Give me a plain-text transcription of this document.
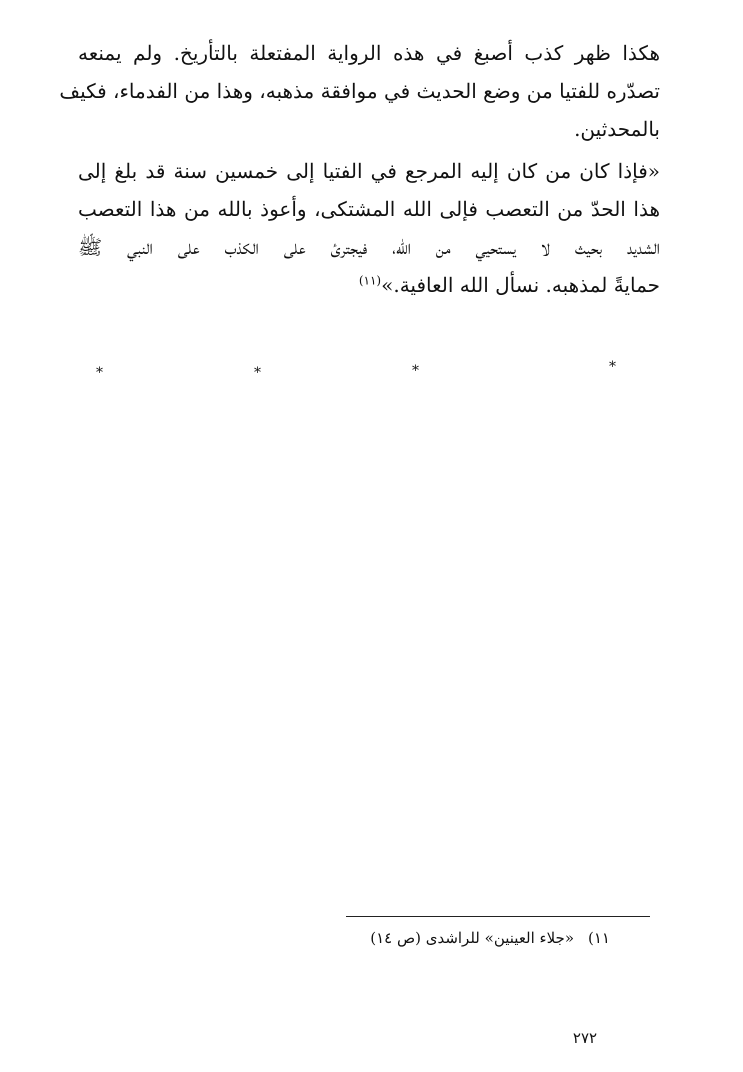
هكذا ظهر كذب أصبغ في هذه الرواية المفتعلة بالتأريخ. ولم يمنعه
تصدّره للفتيا من وضع الحديث في موافقة مذهبه، وهذا من الفدماء، فكيف
بالمحدثين.
«فإذا كان من كان إليه المرجع في الفتيا إلى خمسين سنة قد بلغ إلى
هذا الحدّ من التعصب فإلى الله المشتكى، وأعوذ بالله من هذا التعصب
الشديد بحيث لا يستحيي من الله، فيجترئ على الكذب على النبي ﷺ
حمايةً لمذهبه. نسأل الله العافية.»$^{(١١)}$
*	*	*	*
١١)«جلاء العينين» للراشدى (ص ١٤)
٢٧٢
